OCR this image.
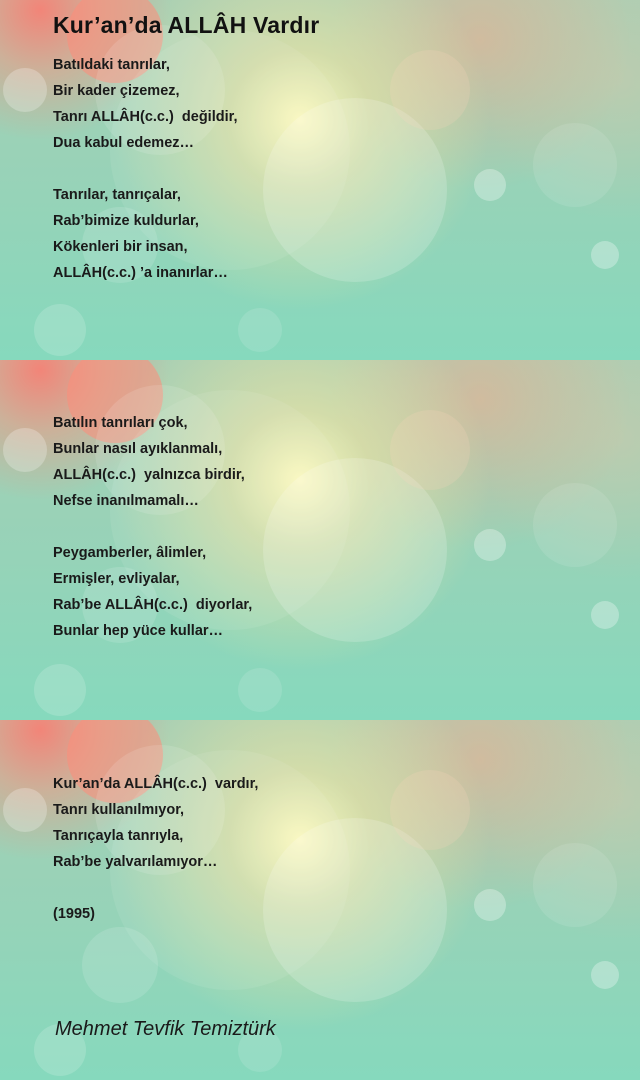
Kur’an’da ALLÂH Vardır
Batıldaki tanrılar,
Bir kader çizemez,
Tanrı ALLÂH(c.c.)  değildir,
Dua kabul edemez…
Tanrılar, tanrıçalar,
Rab’bimize kuldurlar,
Kökenleri bir insan,
ALLÂH(c.c.) ’a inanırlar…
Batılın tanrıları çok,
Bunlar nasıl ayıklanmalı,
ALLÂH(c.c.)  yalnızca birdir,
Nefse inanılmamalı…
Peygamberler, âlimler,
Ermişler, evliyalar,
Rab’be ALLÂH(c.c.)  diyorlar,
Bunlar hep yüce kullar…
Kur’an’da ALLÂH(c.c.)  vardır,
Tanrı kullanılmıyor,
Tanrıçayla tanrıyla,
Rab’be yalvarılamıyor…
(1995)

Mehmet Tevfik Temiztürk
